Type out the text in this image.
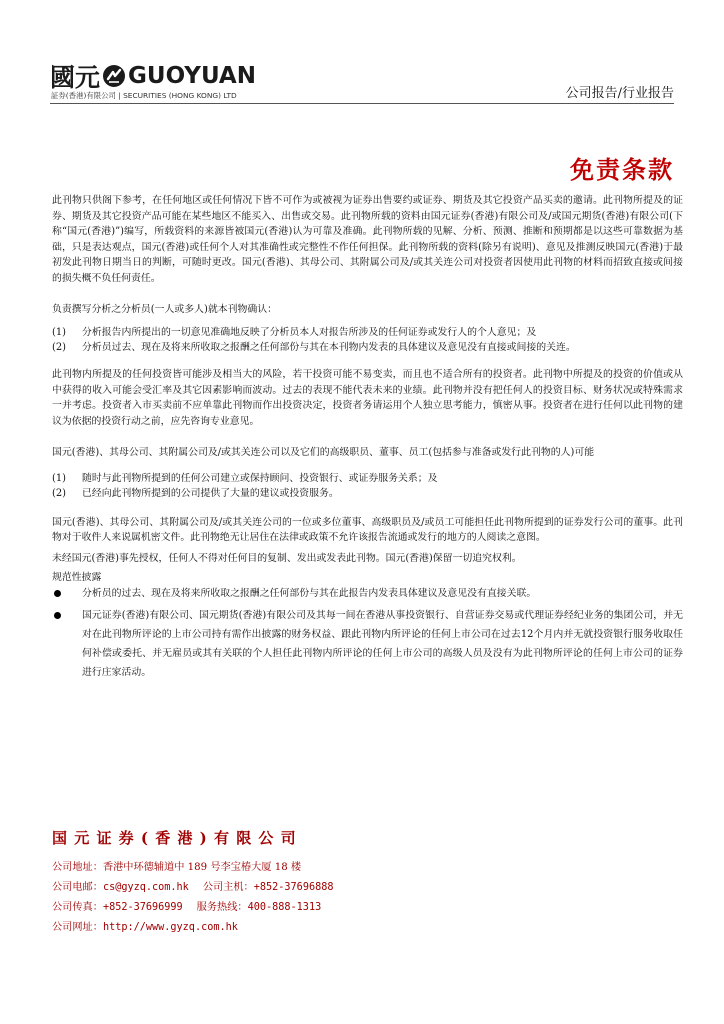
國元 GUOYUAN
証券(香港)有限公司 | SECURITIES (HONG KONG) LTD	公司报告/行业报告
免责条款

此刊物只供阁下参考，在任何地区或任何情况下皆不可作为或被视为证券出售要约或证券、期货及其它投资产品买卖的邀请。此刊物所提及的证券、期货及其它投资产品可能在某些地区不能买入、出售或交易。此刊物所载的资料由国元证券(香港)有限公司及/或国元期货(香港)有限公司(下称“国元(香港)”)编写，所载资料的来源皆被国元(香港)认为可靠及准确。此刊物所载的见解、分析、预测、推断和预期都是以这些可靠数据为基础，只是表达观点，国元(香港)或任何个人对其准确性或完整性不作任何担保。此刊物所载的资料(除另有说明)、意见及推测反映国元(香港)于最初发此刊物日期当日的判断，可随时更改。国元(香港)、其母公司、其附属公司及/或其关连公司对投资者因使用此刊物的材料而招致直接或间接的损失概不负任何责任。

负责撰写分析之分析员(一人或多人)就本刊物确认：

(1)	分析报告内所提出的一切意见准确地反映了分析员本人对报告所涉及的任何证券或发行人的个人意见；及
(2)	分析员过去、现在及将来所收取之报酬之任何部份与其在本刊物内发表的具体建议及意见没有直接或间接的关连。

此刊物内所提及的任何投资皆可能涉及相当大的风险，若干投资可能不易变卖，而且也不适合所有的投资者。此刊物中所提及的投资的价值或从中获得的收入可能会受汇率及其它因素影响而波动。过去的表现不能代表未来的业绩。此刊物并没有把任何人的投资目标、财务状况或特殊需求一并考虑。投资者入市买卖前不应单靠此刊物而作出投资决定，投资者务请运用个人独立思考能力，慎密从事。投资者在进行任何以此刊物的建议为依据的投资行动之前，应先咨询专业意见。

国元(香港)、其母公司、其附属公司及/或其关连公司以及它们的高级职员、董事、员工(包括参与准备或发行此刊物的人)可能

(1)	随时与此刊物所提到的任何公司建立或保持顾问、投资银行、或证券服务关系；及
(2)	已经向此刊物所提到的公司提供了大量的建议或投资服务。

国元(香港)、其母公司、其附属公司及/或其关连公司的一位或多位董事、高级职员及/或员工可能担任此刊物所提到的证券发行公司的董事。此刊物对于收件人来说属机密文件。此刊物绝无让居住在法律或政策不允许该报告流通或发行的地方的人阅读之意图。

未经国元(香港)事先授权，任何人不得对任何目的复制、发出或发表此刊物。国元(香港)保留一切追究权利。

规范性披露

分析员的过去、现在及将来所收取之报酬之任何部份与其在此报告内发表具体建议及意见没有直接关联。
国元证券(香港)有限公司、国元期货(香港)有限公司及其每一间在香港从事投资银行、自营证券交易或代理证券经纪业务的集团公司，并无对在此刊物所评论的上市公司持有需作出披露的财务权益、跟此刊物内所评论的任何上市公司在过去12个月内并无就投资银行服务收取任何补偿或委托、并无雇员或其有关联的个人担任此刊物内所评论的任何上市公司的高级人员及没有为此刊物所评论的任何上市公司的证券进行庄家活动。
国 元 证 券 ( 香 港 ) 有 限 公 司
公司地址：香港中环德辅道中 189 号李宝椿大厦 18 楼
公司电邮：cs@gyzq.com.hk 公司主机：+852-37696888
公司传真：+852-37696999 服务热线：400-888-1313
公司网址：http://www.gyzq.com.hk
